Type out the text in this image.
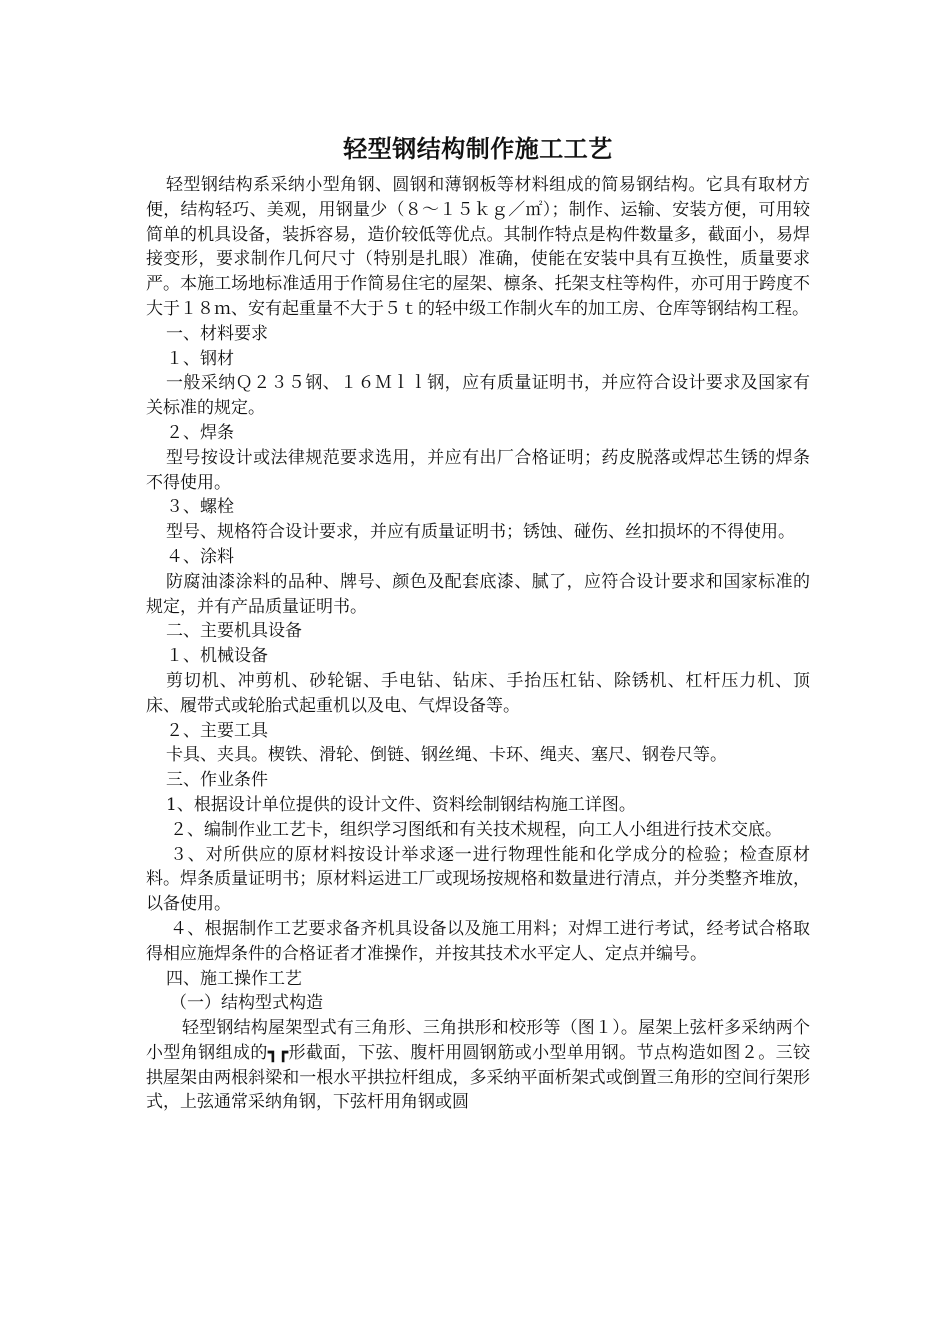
轻型钢结构制作施工工艺

轻型钢结构系采纳小型角钢、圆钢和薄钢板等材料组成的简易钢结构。它具有取材方便，结构轻巧、美观，用钢量少（８～１５ｋｇ／㎡）；制作、运输、安装方便，可用较简单的机具设备，装拆容易，造价较低等优点。其制作特点是构件数量多，截面小，易焊接变形，要求制作几何尺寸（特别是扎眼）准确，使能在安装中具有互换性，质量要求严。本施工场地标准适用于作简易住宅的屋架、檩条、托架支柱等构件，亦可用于跨度不大于１８ｍ、安有起重量不大于５ｔ的轻中级工作制火车的加工房、仓库等钢结构工程。

一、材料要求

１、钢材

一般采纳Ｑ２３５钢、１６Ｍｌｌ钢，应有质量证明书，并应符合设计要求及国家有关标准的规定。

２、焊条

型号按设计或法律规范要求选用，并应有出厂合格证明；药皮脱落或焊芯生锈的焊条不得使用。

３、螺栓

型号、规格符合设计要求，并应有质量证明书；锈蚀、碰伤、丝扣损坏的不得使用。

４、涂料

防腐油漆涂料的品种、牌号、颜色及配套底漆、腻了，应符合设计要求和国家标准的规定，并有产品质量证明书。

二、主要机具设备

１、机械设备

剪切机、冲剪机、砂轮锯、手电钻、钻床、手抬压杠钻、除锈机、杠杆压力机、顶床、履带式或轮胎式起重机以及电、气焊设备等。

２、主要工具

卡具、夹具。楔铁、滑轮、倒链、钢丝绳、卡环、绳夹、塞尺、钢卷尺等。

三、作业条件

1、根据设计单位提供的设计文件、资料绘制钢结构施工详图。

２、编制作业工艺卡，组织学习图纸和有关技术规程，向工人小组进行技术交底。

３、对所供应的原材料按设计举求逐一进行物理性能和化学成分的检验；检查原材料。焊条质量证明书；原材料运进工厂或现场按规格和数量进行清点，并分类整齐堆放，以备使用。

４、根据制作工艺要求备齐机具设备以及施工用料；对焊工进行考试，经考试合格取得相应施焊条件的合格证者才准操作，并按其技术水平定人、定点并编号。

四、施工操作工艺

（一）结构型式构造

轻型钢结构屋架型式有三角形、三角拱形和校形等（图１）。屋架上弦杆多采纳两个小型角钢组成的┓┏形截面，下弦、腹杆用圆钢筋或小型单用钢。节点构造如图２。三铰拱屋架由两根斜梁和一根水平拱拉杆组成，多采纳平面析架式或倒置三角形的空间行架形式，上弦通常采纳角钢，下弦杆用角钢或圆
